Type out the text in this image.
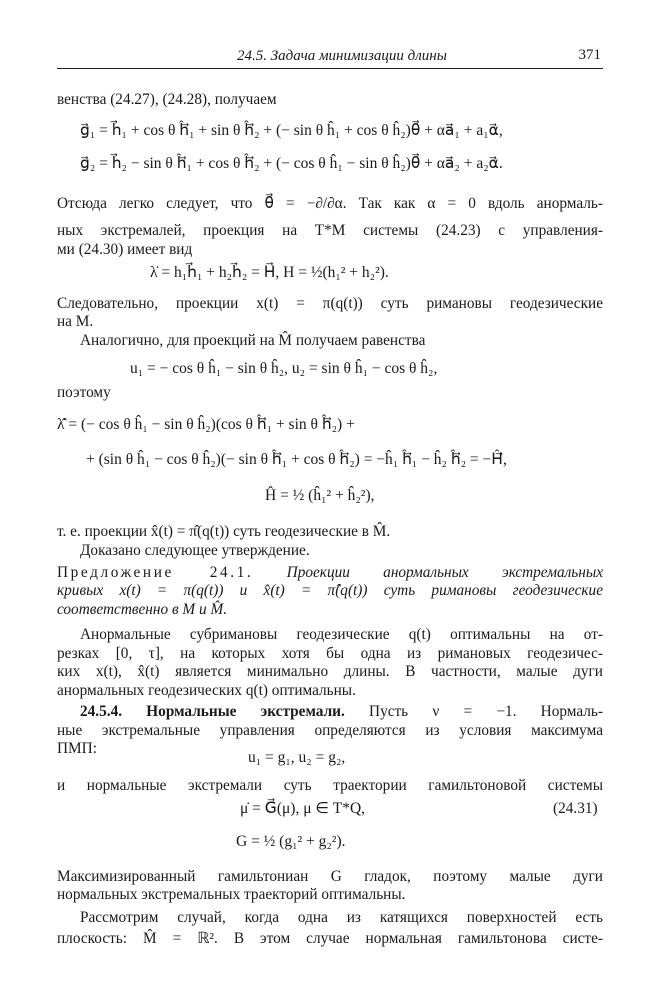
24.5. Задача минимизации длины	371
венства (24.27), (24.28), получаем
g⃗₁ = h⃗₁ + cos θ ĥ⃗₁ + sin θ ĥ⃗₂ + (− sin θ ĥ₁ + cos θ ĥ₂)θ⃗ + αa⃗₁ + a₁α⃗,
g⃗₂ = h⃗₂ − sin θ ĥ⃗₁ + cos θ ĥ⃗₂ + (− cos θ ĥ₁ − sin θ ĥ₂)θ⃗ + αa⃗₂ + a₂α⃗.
Отсюда легко следует, что θ⃗ = −∂/∂α. Так как α = 0 вдоль анормаль-
ных экстремалей, проекция на T*M системы (24.23) с управления-
ми (24.30) имеет вид
λ̇ = h₁h⃗₁ + h₂h⃗₂ = H⃗, H = ½(h₁² + h₂²).
Следовательно, проекции x(t) = π(q(t)) суть римановы геодезические
на M.
Аналогично, для проекций на M̂ получаем равенства
u₁ = − cos θ ĥ₁ − sin θ ĥ₂, u₂ = sin θ ĥ₁ − cos θ ĥ₂,
поэтому
λ̂̇ = (− cos θ ĥ₁ − sin θ ĥ₂)(cos θ ĥ⃗₁ + sin θ ĥ⃗₂) +
+ (sin θ ĥ₁ − cos θ ĥ₂)(− sin θ ĥ⃗₁ + cos θ ĥ⃗₂) = −ĥ₁ ĥ⃗₁ − ĥ₂ ĥ⃗₂ = −Ĥ⃗,
Ĥ = ½ (ĥ₁² + ĥ₂²),
т. е. проекции x̂(t) = π̂(q(t)) суть геодезические в M̂.
Доказано следующее утверждение.
Предложение 24.1. Проекции анормальных экстремальных
кривых x(t) = π(q(t)) и x̂(t) = π̂(q(t)) суть римановы геодезические
соответственно в M и M̂.
Анормальные субримановы геодезические q(t) оптимальны на от-
резках [0, τ], на которых хотя бы одна из римановых геодезичес-
ких x(t), x̂(t) является минимально длины. В частности, малые дуги
анормальных геодезических q(t) оптимальны.
24.5.4. Нормальные экстремали. Пусть ν = −1. Нормаль-
ные экстремальные управления определяются из условия максимума
ПМП:
u₁ = g₁, u₂ = g₂,
и нормальные экстремали суть траектории гамильтоновой системы
μ̇ = G⃗(μ), μ ∈ T*Q,	(24.31)
G = ½ (g₁² + g₂²).
Максимизированный гамильтониан G гладок, поэтому малые дуги
нормальных экстремальных траекторий оптимальны.
Рассмотрим случай, когда одна из катящихся поверхностей есть
плоскость: M̂ = ℝ². В этом случае нормальная гамильтонова систе-
